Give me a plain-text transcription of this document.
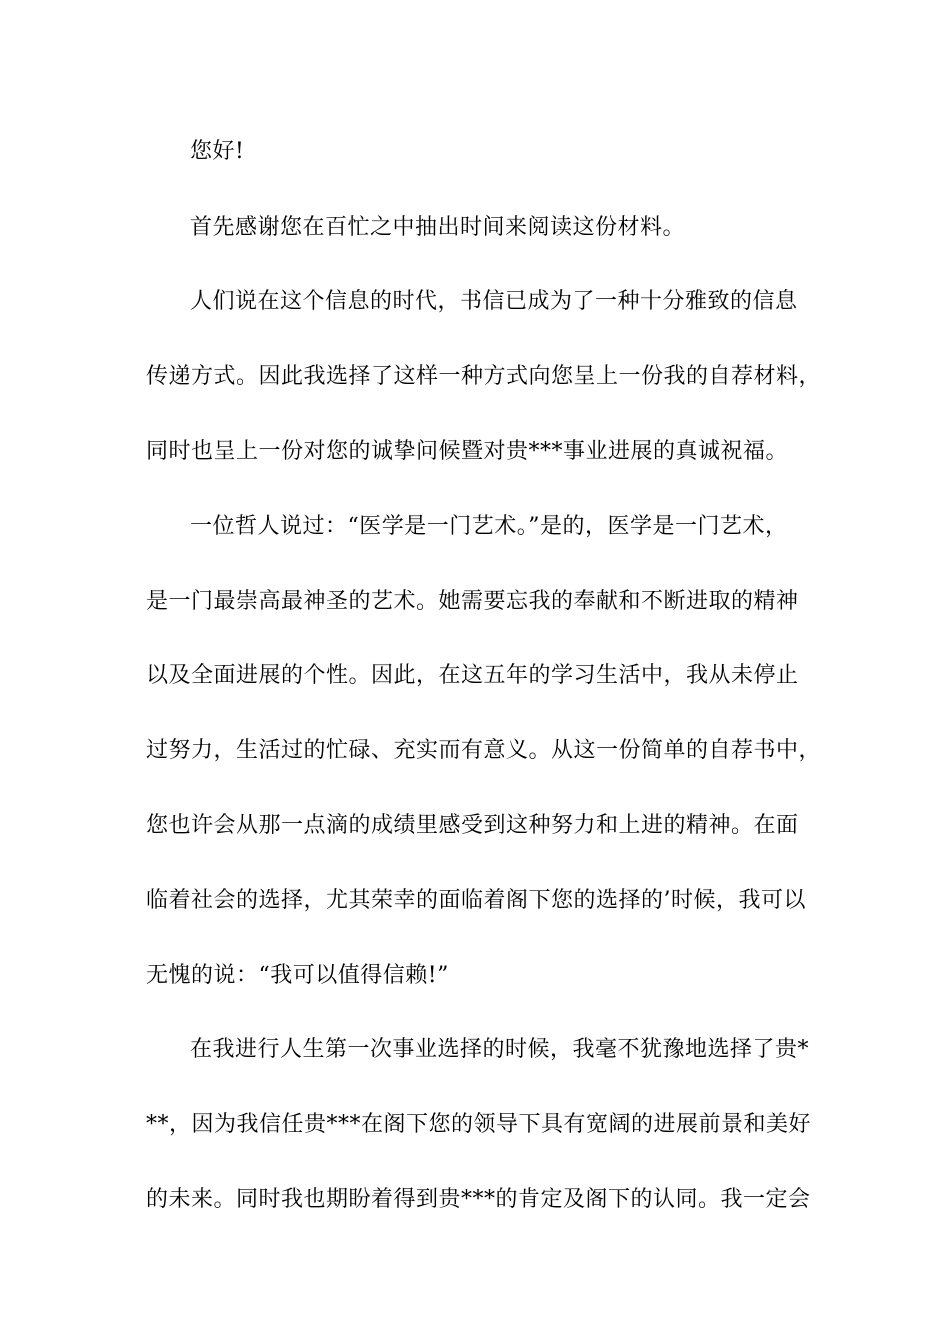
您好!
首先感谢您在百忙之中抽出时间来阅读这份材料。
人们说在这个信息的时代，书信已成为了一种十分雅致的信息
传递方式。因此我选择了这样一种方式向您呈上一份我的自荐材料，
同时也呈上一份对您的诚挚问候暨对贵***事业进展的真诚祝福。
一位哲人说过：“医学是一门艺术。”是的，医学是一门艺术，
是一门最崇高最神圣的艺术。她需要忘我的奉献和不断进取的精神
以及全面进展的个性。因此，在这五年的学习生活中，我从未停止
过努力，生活过的忙碌、充实而有意义。从这一份简单的自荐书中，
您也许会从那一点滴的成绩里感受到这种努力和上进的精神。在面
临着社会的选择，尤其荣幸的面临着阁下您的选择的’时候，我可以
无愧的说：“我可以值得信赖!”
在我进行人生第一次事业选择的时候，我毫不犹豫地选择了贵*
**，因为我信任贵***在阁下您的领导下具有宽阔的进展前景和美好
的未来。同时我也期盼着得到贵***的肯定及阁下的认同。我一定会
